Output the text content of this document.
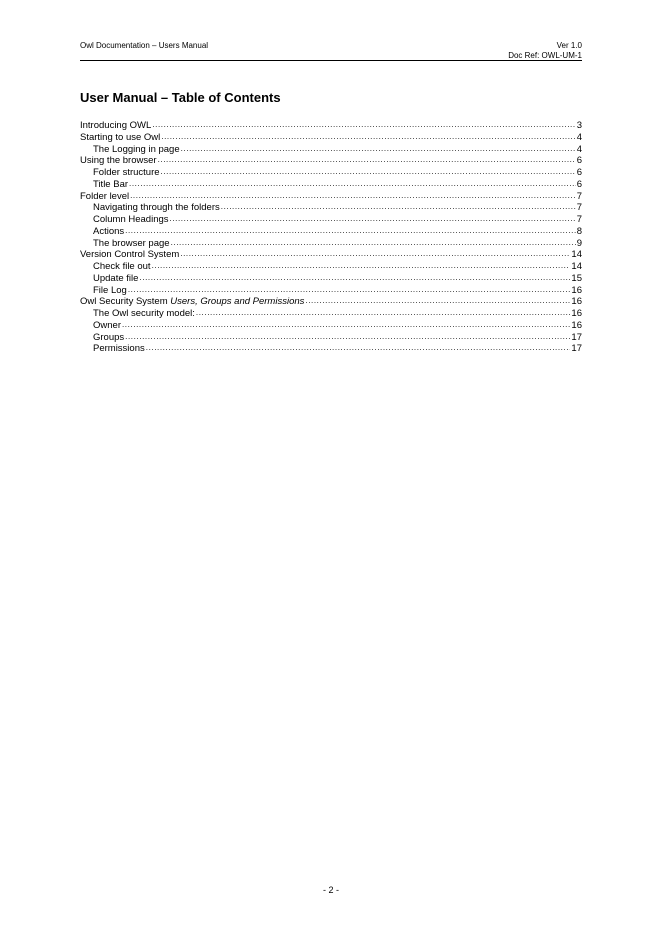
Owl Documentation – Users Manual	Ver 1.0
Doc Ref: OWL-UM-1
User Manual – Table of Contents
Introducing OWL .....	3
Starting to use Owl .....	4
The Logging in page .....	4
Using the browser .....	6
Folder structure .....	6
Title Bar .....	6
Folder level .....	7
Navigating through the folders .....	7
Column Headings .....	7
Actions .....	8
The browser page .....	9
Version Control System .....	14
Check file out .....	14
Update file .....	15
File Log .....	16
Owl Security System Users, Groups and Permissions .....	16
The Owl security model: .....	16
Owner .....	16
Groups .....	17
Permissions .....	17
- 2 -
